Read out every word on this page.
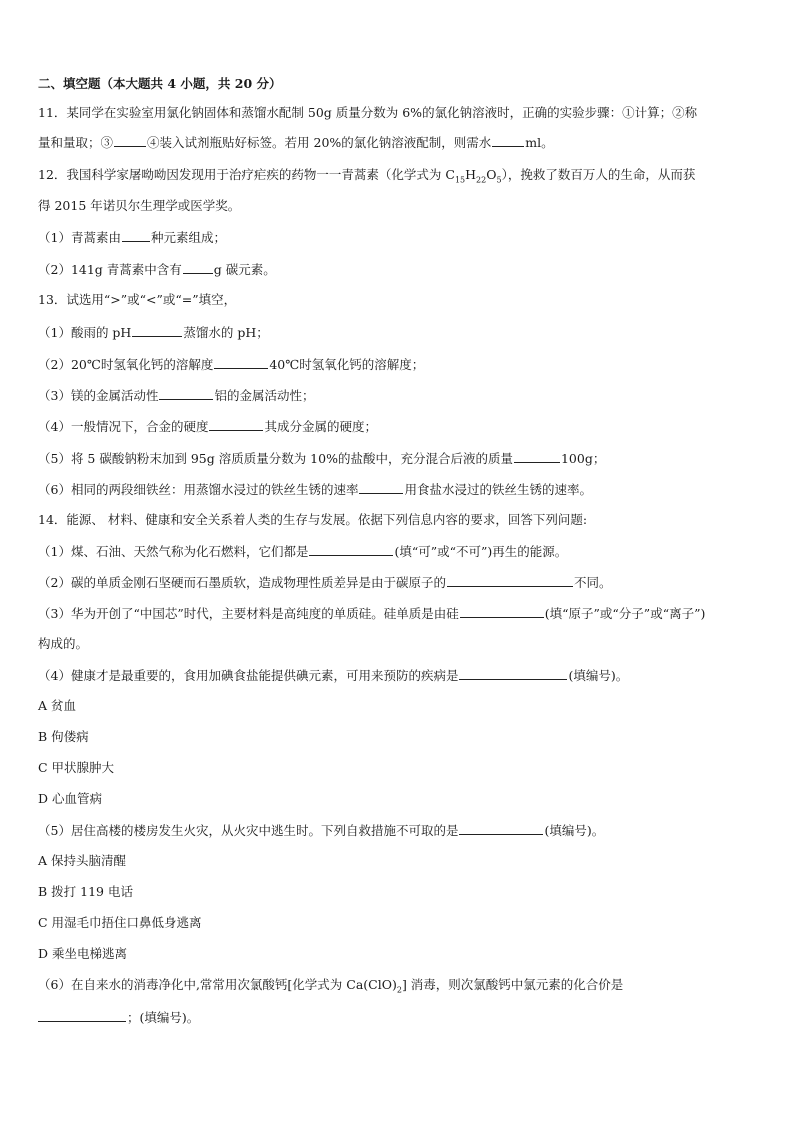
二、填空题（本大题共 4 小题，共 20 分）
11．某同学在实验室用氯化钠固体和蒸馏水配制 50g 质量分数为 6%的氯化钠溶液时，正确的实验步骤：①计算；②称
量和量取；③	④装入试剂瓶贴好标签。若用 20%的氯化钠溶液配制，则需水	ml。
12．我国科学家屠呦呦因发现用于治疗疟疾的药物一一青蒿素（化学式为 $C_{15}H_{22}O_5$），挽救了数百万人的生命，从而获
得 2015 年诺贝尔生理学或医学奖。
（1）青蒿素由 种元素组成；
（2）141g 青蒿素中含有	g 碳元素。
13．试选用“>”或“<”或“=”填空，
（1）酸雨的 pH	蒸馏水的 pH；
（2）20℃时氢氧化钙的溶解度	40℃时氢氧化钙的溶解度；
（3）镁的金属活动性	铝的金属活动性；
（4）一般情况下，合金的硬度	其成分金属的硬度；
（5）将 5 碳酸钠粉末加到 95g 溶质质量分数为 10%的盐酸中，充分混合后液的质量	100g；
（6）相同的两段细铁丝：用蒸馏水浸过的铁丝生锈的速率	用食盐水浸过的铁丝生锈的速率。
14．能源、 材料、健康和安全关系着人类的生存与发展。依据下列信息内容的要求，回答下列问题:
（1）煤、石油、天然气称为化石燃料，它们都是	(填“可”或“不可”)再生的能源。
（2）碳的单质金刚石坚硬而石墨质软，造成物理性质差异是由于碳原子的	不同。
（3）华为开创了“中国芯”时代，主要材料是高纯度的单质硅。硅单质是由硅	(填“原子”或“分子”或“离子”)
构成的。
（4）健康才是最重要的，食用加碘食盐能提供碘元素，可用来预防的疾病是	(填编号)。
A 贫血
B 佝偻病
C 甲状腺肿大
D 心血管病
（5）居住高楼的楼房发生火灾，从火灾中逃生时。下列自救措施不可取的是	(填编号)。
A 保持头脑清醒
B 拨打 119 电话
C 用湿毛巾捂住口鼻低身逃离
D 乘坐电梯逃离
（6）在自来水的消毒净化中,常常用次氯酸钙[化学式为 $Ca(ClO)_2$] 消毒，则次氯酸钙中氯元素的化合价是
；(填编号)。
